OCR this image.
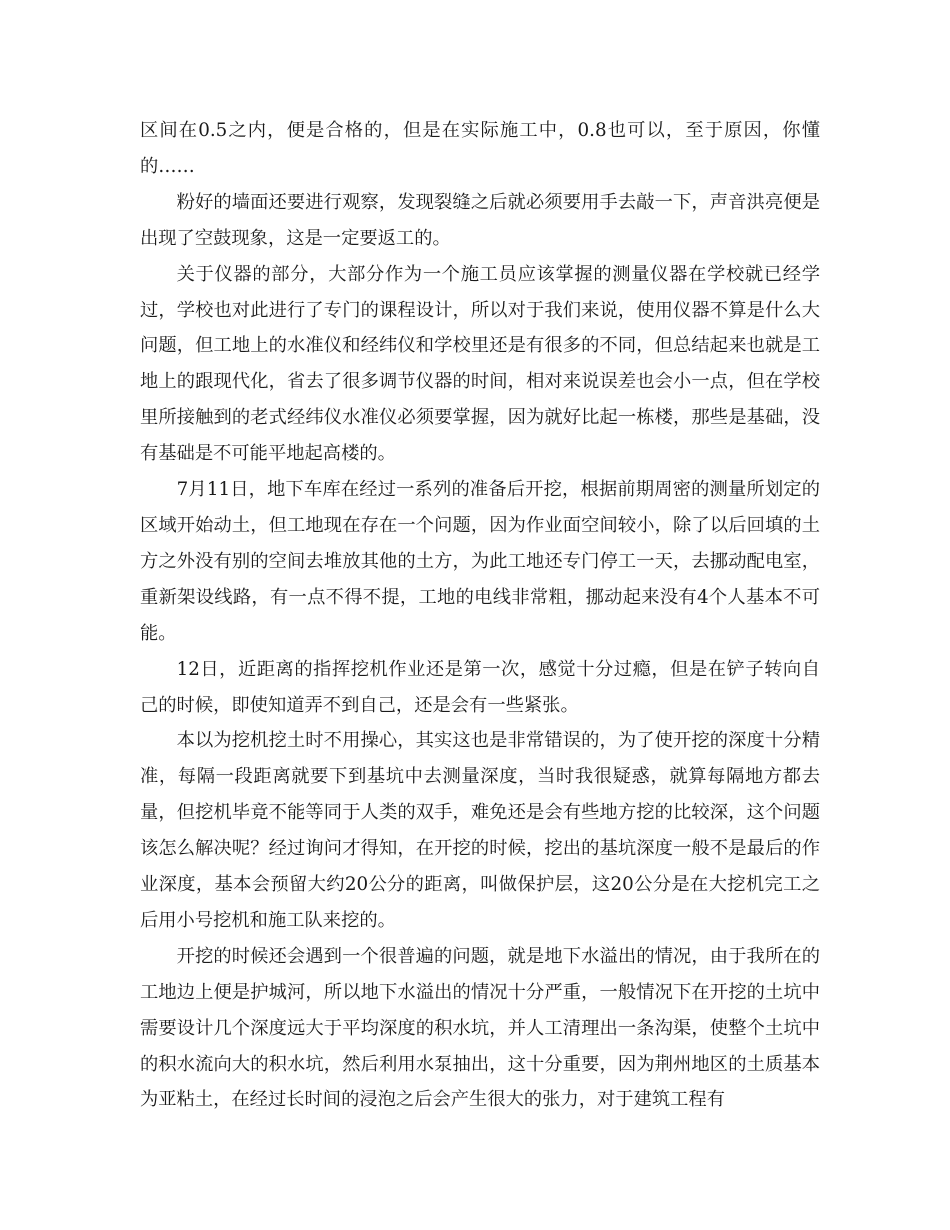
区间在0.5之内，便是合格的，但是在实际施工中，0.8也可以，至于原因，你懂的……

粉好的墙面还要进行观察，发现裂缝之后就必须要用手去敲一下，声音洪亮便是出现了空鼓现象，这是一定要返工的。

关于仪器的部分，大部分作为一个施工员应该掌握的测量仪器在学校就已经学过，学校也对此进行了专门的课程设计，所以对于我们来说，使用仪器不算是什么大问题，但工地上的水准仪和经纬仪和学校里还是有很多的不同，但总结起来也就是工地上的跟现代化，省去了很多调节仪器的时间，相对来说误差也会小一点，但在学校里所接触到的老式经纬仪水准仪必须要掌握，因为就好比起一栋楼，那些是基础，没有基础是不可能平地起高楼的。

7月11日，地下车库在经过一系列的准备后开挖，根据前期周密的测量所划定的区域开始动土，但工地现在存在一个问题，因为作业面空间较小，除了以后回填的土方之外没有别的空间去堆放其他的土方，为此工地还专门停工一天，去挪动配电室，重新架设线路，有一点不得不提，工地的电线非常粗，挪动起来没有4个人基本不可能。

12日，近距离的指挥挖机作业还是第一次，感觉十分过瘾，但是在铲子转向自己的时候，即使知道弄不到自己，还是会有一些紧张。

本以为挖机挖土时不用操心，其实这也是非常错误的，为了使开挖的深度十分精准，每隔一段距离就要下到基坑中去测量深度，当时我很疑惑，就算每隔地方都去量，但挖机毕竟不能等同于人类的双手，难免还是会有些地方挖的比较深，这个问题该怎么解决呢？经过询问才得知，在开挖的时候，挖出的基坑深度一般不是最后的作业深度，基本会预留大约20公分的距离，叫做保护层，这20公分是在大挖机完工之后用小号挖机和施工队来挖的。

开挖的时候还会遇到一个很普遍的问题，就是地下水溢出的情况，由于我所在的工地边上便是护城河，所以地下水溢出的情况十分严重，一般情况下在开挖的土坑中需要设计几个深度远大于平均深度的积水坑，并人工清理出一条沟渠，使整个土坑中的积水流向大的积水坑，然后利用水泵抽出，这十分重要，因为荆州地区的土质基本为亚粘土，在经过长时间的浸泡之后会产生很大的张力，对于建筑工程有
